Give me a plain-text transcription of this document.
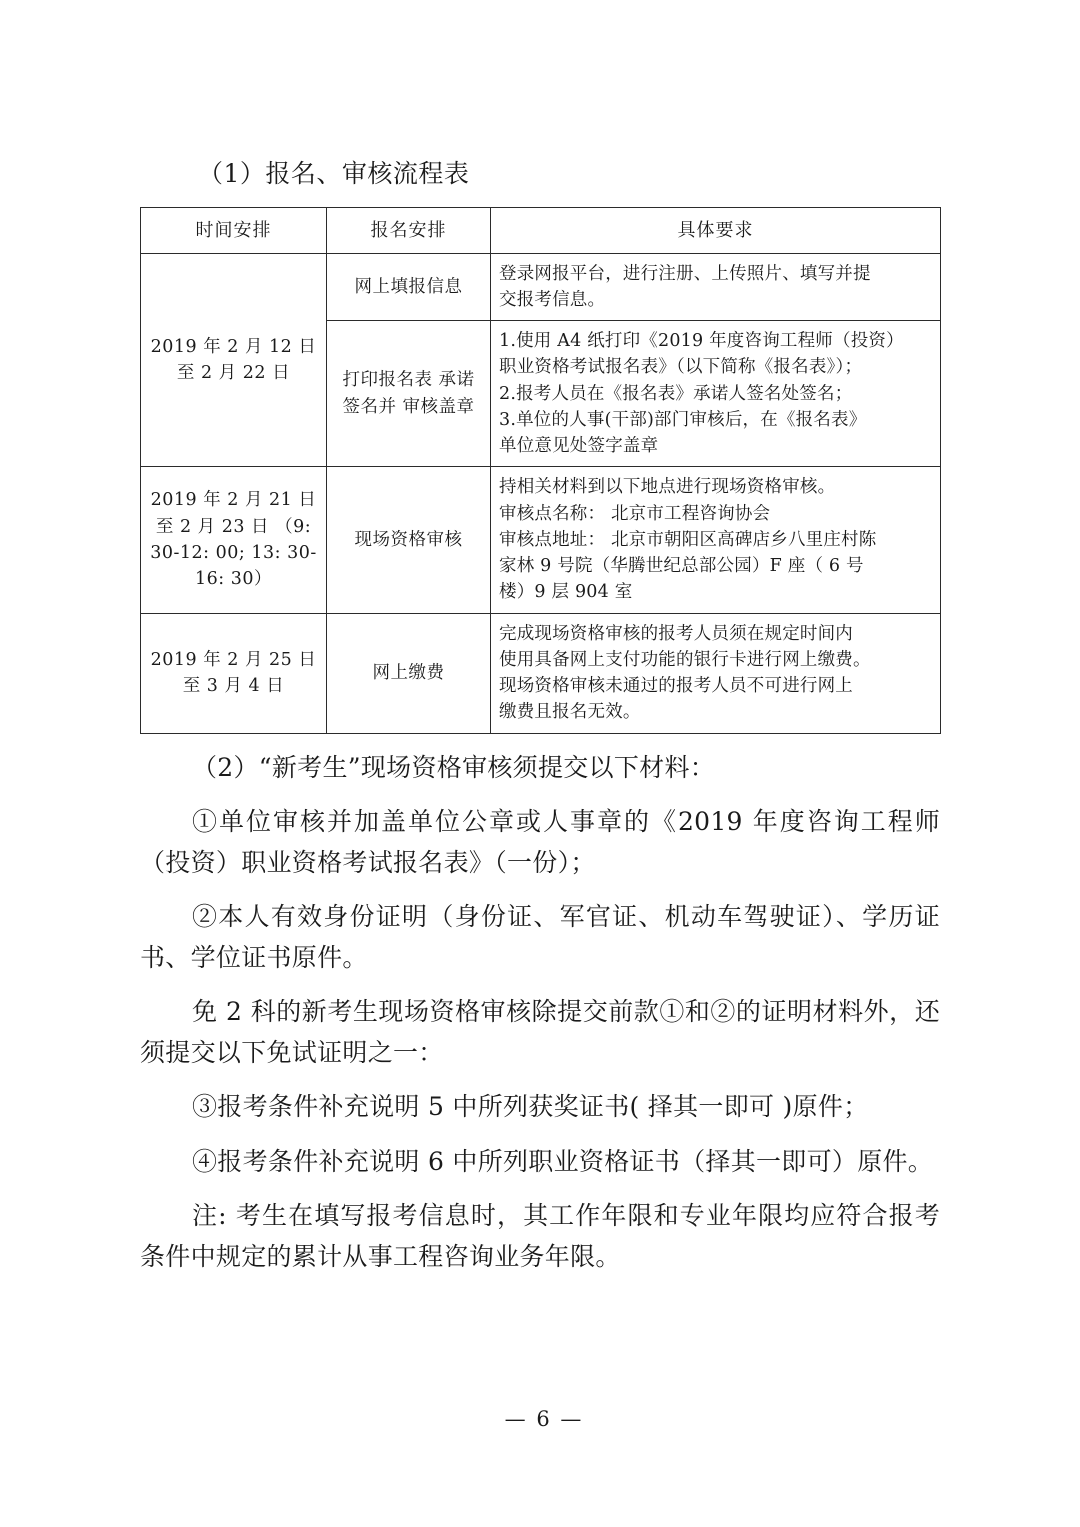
（1）报名、审核流程表
时间安排	报名安排	具体要求
2019 年 2 月 12 日至 2 月 22 日	网上填报信息	登录网报平台，进行注册、上传照片、填写并提
交报考信息。

	打印报名表 承诺签名并 审核盖章	1.使用 A4 纸打印《2019 年度咨询工程师（投资）
职业资格考试报名表》（以下简称《报名表》）；
2.报考人员在《报名表》承诺人签名处签名；
3.单位的人事(干部)部门审核后，在《报名表》
单位意见处签字盖章

2019 年 2 月 21 日至 2 月 23 日 （9: 30-12: 00; 13: 30-16: 30）	现场资格审核	持相关材料到以下地点进行现场资格审核。
审核点名称： 北京市工程咨询协会
审核点地址： 北京市朝阳区高碑店乡八里庄村陈
家林 9 号院（华腾世纪总部公园）F 座（ 6 号
楼）9 层 904 室

2019 年 2 月 25 日至 3 月 4 日	网上缴费	完成现场资格审核的报考人员须在规定时间内
使用具备网上支付功能的银行卡进行网上缴费。
现场资格审核未通过的报考人员不可进行网上
缴费且报名无效。
（2）“新考生”现场资格审核须提交以下材料：
①单位审核并加盖单位公章或人事章的《2019 年度咨询工程师（投资）职业资格考试报名表》（一份）；
②本人有效身份证明（身份证、军官证、机动车驾驶证）、学历证书、学位证书原件。
免 2 科的新考生现场资格审核除提交前款①和②的证明材料外，还须提交以下免试证明之一：
③报考条件补充说明 5 中所列获奖证书( 择其一即可 )原件；
④报考条件补充说明 6 中所列职业资格证书（择其一即可）原件。
注: 考生在填写报考信息时，其工作年限和专业年限均应符合报考条件中规定的累计从事工程咨询业务年限。
— 6 —
